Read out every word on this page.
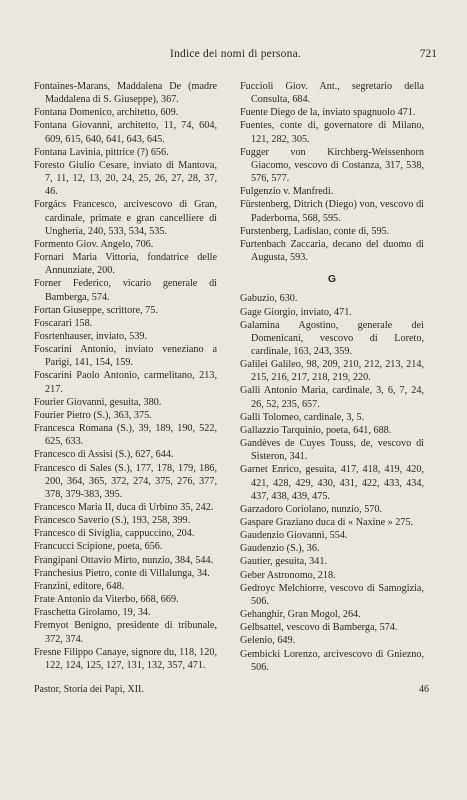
Indice dei nomi di persona.	721

Fontaines-Marans, Maddalena De (madre Maddalena di S. Giuseppe), 367.

Fontana Domenico, architetto, 609.

Fontana Giovanni, architetto, 11, 74, 604, 609, 615, 640, 641, 643, 645.

Fontana Lavinia, pittrice (?) 656.

Foresto Giulio Cesare, inviato di Mantova, 7, 11, 12, 13, 20, 24, 25, 26, 27, 28, 37, 46.

Forgács Francesco, arcivescovo di Gran, cardinale, primate e gran cancelliere di Ungheria, 240, 533, 534, 535.

Formento Giov. Angelo, 706.

Fornari Maria Vittoria, fondatrice delle Annunziate, 200.

Forner Federico, vicario generale di Bamberga, 574.

Fortan Giuseppe, scrittore, 75.

Foscarari 158.

Fosrtenhauser, inviato, 539.

Foscarini Antonio, inviato veneziano a Parigi, 141, 154, 159.

Foscarini Paolo Antonio, carmelitano, 213, 217.

Fourier Giovanni, gesuita, 380.

Fourier Pietro (S.), 363, 375.

Francesca Romana (S.), 39, 189, 190, 522, 625, 633.

Francesco di Assisi (S.), 627, 644.

Francesco di Sales (S.), 177, 178, 179, 186, 200, 364, 365, 372, 274, 375, 276, 377, 378, 379-383, 395.

Francesco Maria II, duca di Urbino 35, 242.

Francesco Saverio (S.), 193, 258, 399.

Francesco di Siviglia, cappuccino, 204.

Francucci Scipione, poeta, 656.

Frangipani Ottavio Mirto, nunzio, 384, 544.

Franchesius Pietro, conte di Villalunga, 34.

Franzini, editore, 648.

Frate Antonio da Viterbo, 668, 669.

Fraschetta Girolamo, 19, 34.

Fremyot Benigno, presidente di tribunale, 372, 374.

Fresne Filippo Canaye, signore du, 118, 120, 122, 124, 125, 127, 131, 132, 357, 471.

Fuccioli Giov. Ant., segretario della Consulta, 684.

Fuente Diego de la, inviato spagnuolo 471.

Fuentes, conte di, governatore di Milano, 121, 282, 305.

Fugger von Kirchberg-Weissenhorn Giacomo, vescovo di Costanza, 317, 538, 576, 577.

Fulgenzio v. Manfredi.

Fürstenberg, Ditrich (Diego) von, vescovo di Paderborna, 568, 595.

Furstenberg, Ladislao, conte di, 595.

Furtenbach Zaccaria, decano del duomo di Augusta, 593.

G

Gabuzio, 630.

Gage Giorgio, inviato, 471.

Galamina Agostino, generale dei Domenicani, vescovo di Loreto, cardinale, 163, 243, 359.

Galilei Galileo, 98, 209, 210, 212, 213, 214, 215, 216, 217, 218, 219, 220.

Galli Antonio Maria, cardinale, 3, 6, 7, 24, 26, 52, 235, 657.

Galli Tolomeo, cardinale, 3, 5.

Gallazzio Tarquinio, poeta, 641, 688.

Gandèves de Cuyes Touss, de, vescovo di Sisteron, 341.

Garnet Enrico, gesuita, 417, 418, 419, 420, 421, 428, 429, 430, 431, 422, 433, 434, 437, 438, 439, 475.

Garzadoro Coriolano, nunzio, 570.

Gaspare Graziano duca di « Naxine » 275.

Gaudenzio Giovanni, 554.

Gaudenzio (S.), 36.

Gautier, gesuita, 341.

Geber Astronomo, 218.

Gedroyc Melchiorre, vescovo di Samogizia, 506.

Gehanghir, Gran Mogol, 264.

Gelbsattel, vescovo di Bamberga, 574.

Gelenio, 649.

Gembicki Lorenzo, arcivescovo di Gniezno, 506.

Pastor, Storia dei Papi, XII.	46
